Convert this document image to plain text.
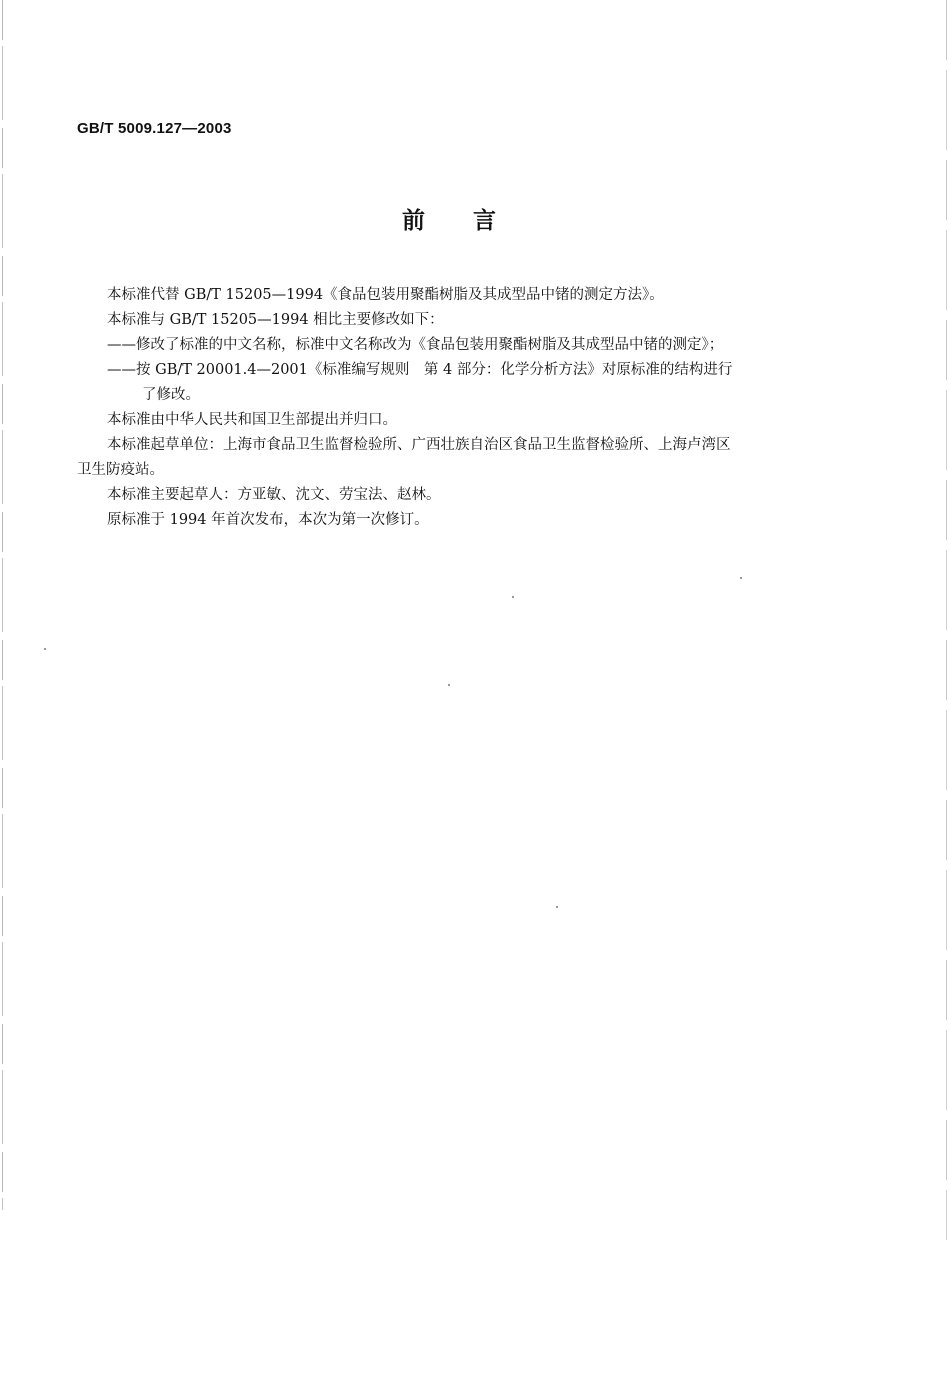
GB/T 5009.127—2003
前 言

本标准代替 GB/T 15205—1994《食品包装用聚酯树脂及其成型品中锗的测定方法》。

本标准与 GB/T 15205—1994 相比主要修改如下：

——修改了标准的中文名称，标准中文名称改为《食品包装用聚酯树脂及其成型品中锗的测定》；

——按 GB/T 20001.4—2001《标准编写规则　第 4 部分：化学分析方法》对原标准的结构进行

了修改。

本标准由中华人民共和国卫生部提出并归口。

本标准起草单位：上海市食品卫生监督检验所、广西壮族自治区食品卫生监督检验所、上海卢湾区

卫生防疫站。

本标准主要起草人：方亚敏、沈文、劳宝法、赵林。

原标准于 1994 年首次发布，本次为第一次修订。
